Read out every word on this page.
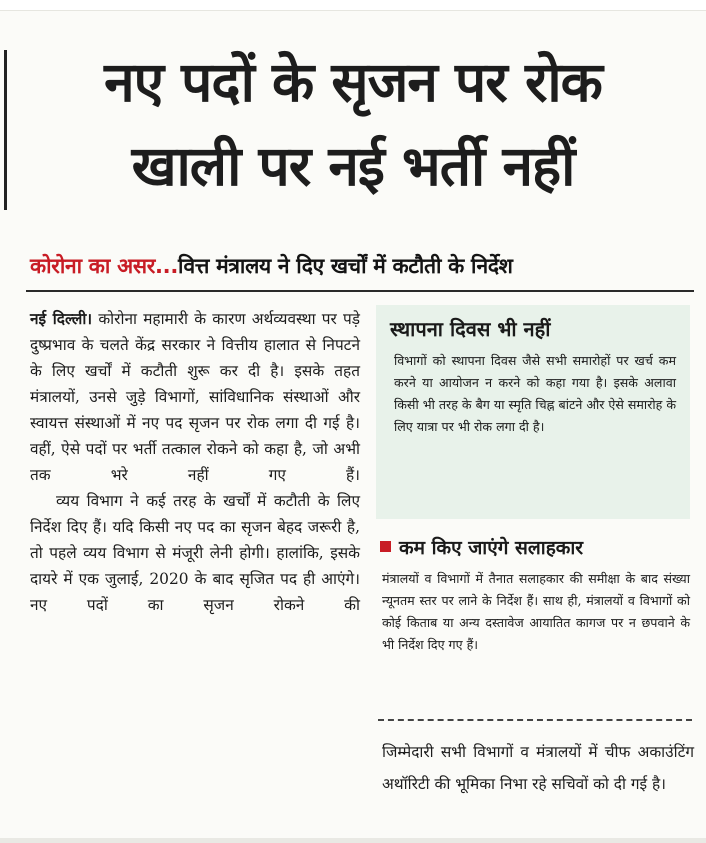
नए पदों के सृजन पर रोक
खाली पर नई भर्ती नहीं
कोरोना का असर...वित्त मंत्रालय ने दिए खर्चों में कटौती के निर्देश

नई दिल्ली। कोरोना महामारी के कारण अर्थव्यवस्था पर पड़े दुष्प्रभाव के चलते केंद्र सरकार ने वित्तीय हालात से निपटने के लिए खर्चों में कटौती शुरू कर दी है। इसके तहत मंत्रालयों, उनसे जुड़े विभागों, सांविधानिक संस्थाओं और स्वायत्त संस्थाओं में नए पद सृजन पर रोक लगा दी गई है। वहीं, ऐसे पदों पर भर्ती तत्काल रोकने को कहा है, जो अभी तक भरे नहीं गए हैं।

व्यय विभाग ने कई तरह के खर्चों में कटौती के लिए निर्देश दिए हैं। यदि किसी नए पद का सृजन बेहद जरूरी है, तो पहले व्यय विभाग से मंजूरी लेनी होगी। हालांकि, इसके दायरे में एक जुलाई, 2020 के बाद सृजित पद ही आएंगे। नए पदों का सृजन रोकने की

स्थापना दिवस भी नहीं

विभागों को स्थापना दिवस जैसे सभी समारोहों पर खर्च कम करने या आयोजन न करने को कहा गया है। इसके अलावा किसी भी तरह के बैग या स्मृति चिह्न बांटने और ऐसे समारोह के लिए यात्रा पर भी रोक लगा दी है।

कम किए जाएंगे सलाहकार

मंत्रालयों व विभागों में तैनात सलाहकार की समीक्षा के बाद संख्या न्यूनतम स्तर पर लाने के निर्देश हैं। साथ ही, मंत्रालयों व विभागों को कोई किताब या अन्य दस्तावेज आयातित कागज पर न छपवाने के भी निर्देश दिए गए हैं।

जिम्मेदारी सभी विभागों व मंत्रालयों में चीफ अकाउंटिंग अथॉरिटी की भूमिका निभा रहे सचिवों को दी गई है।
